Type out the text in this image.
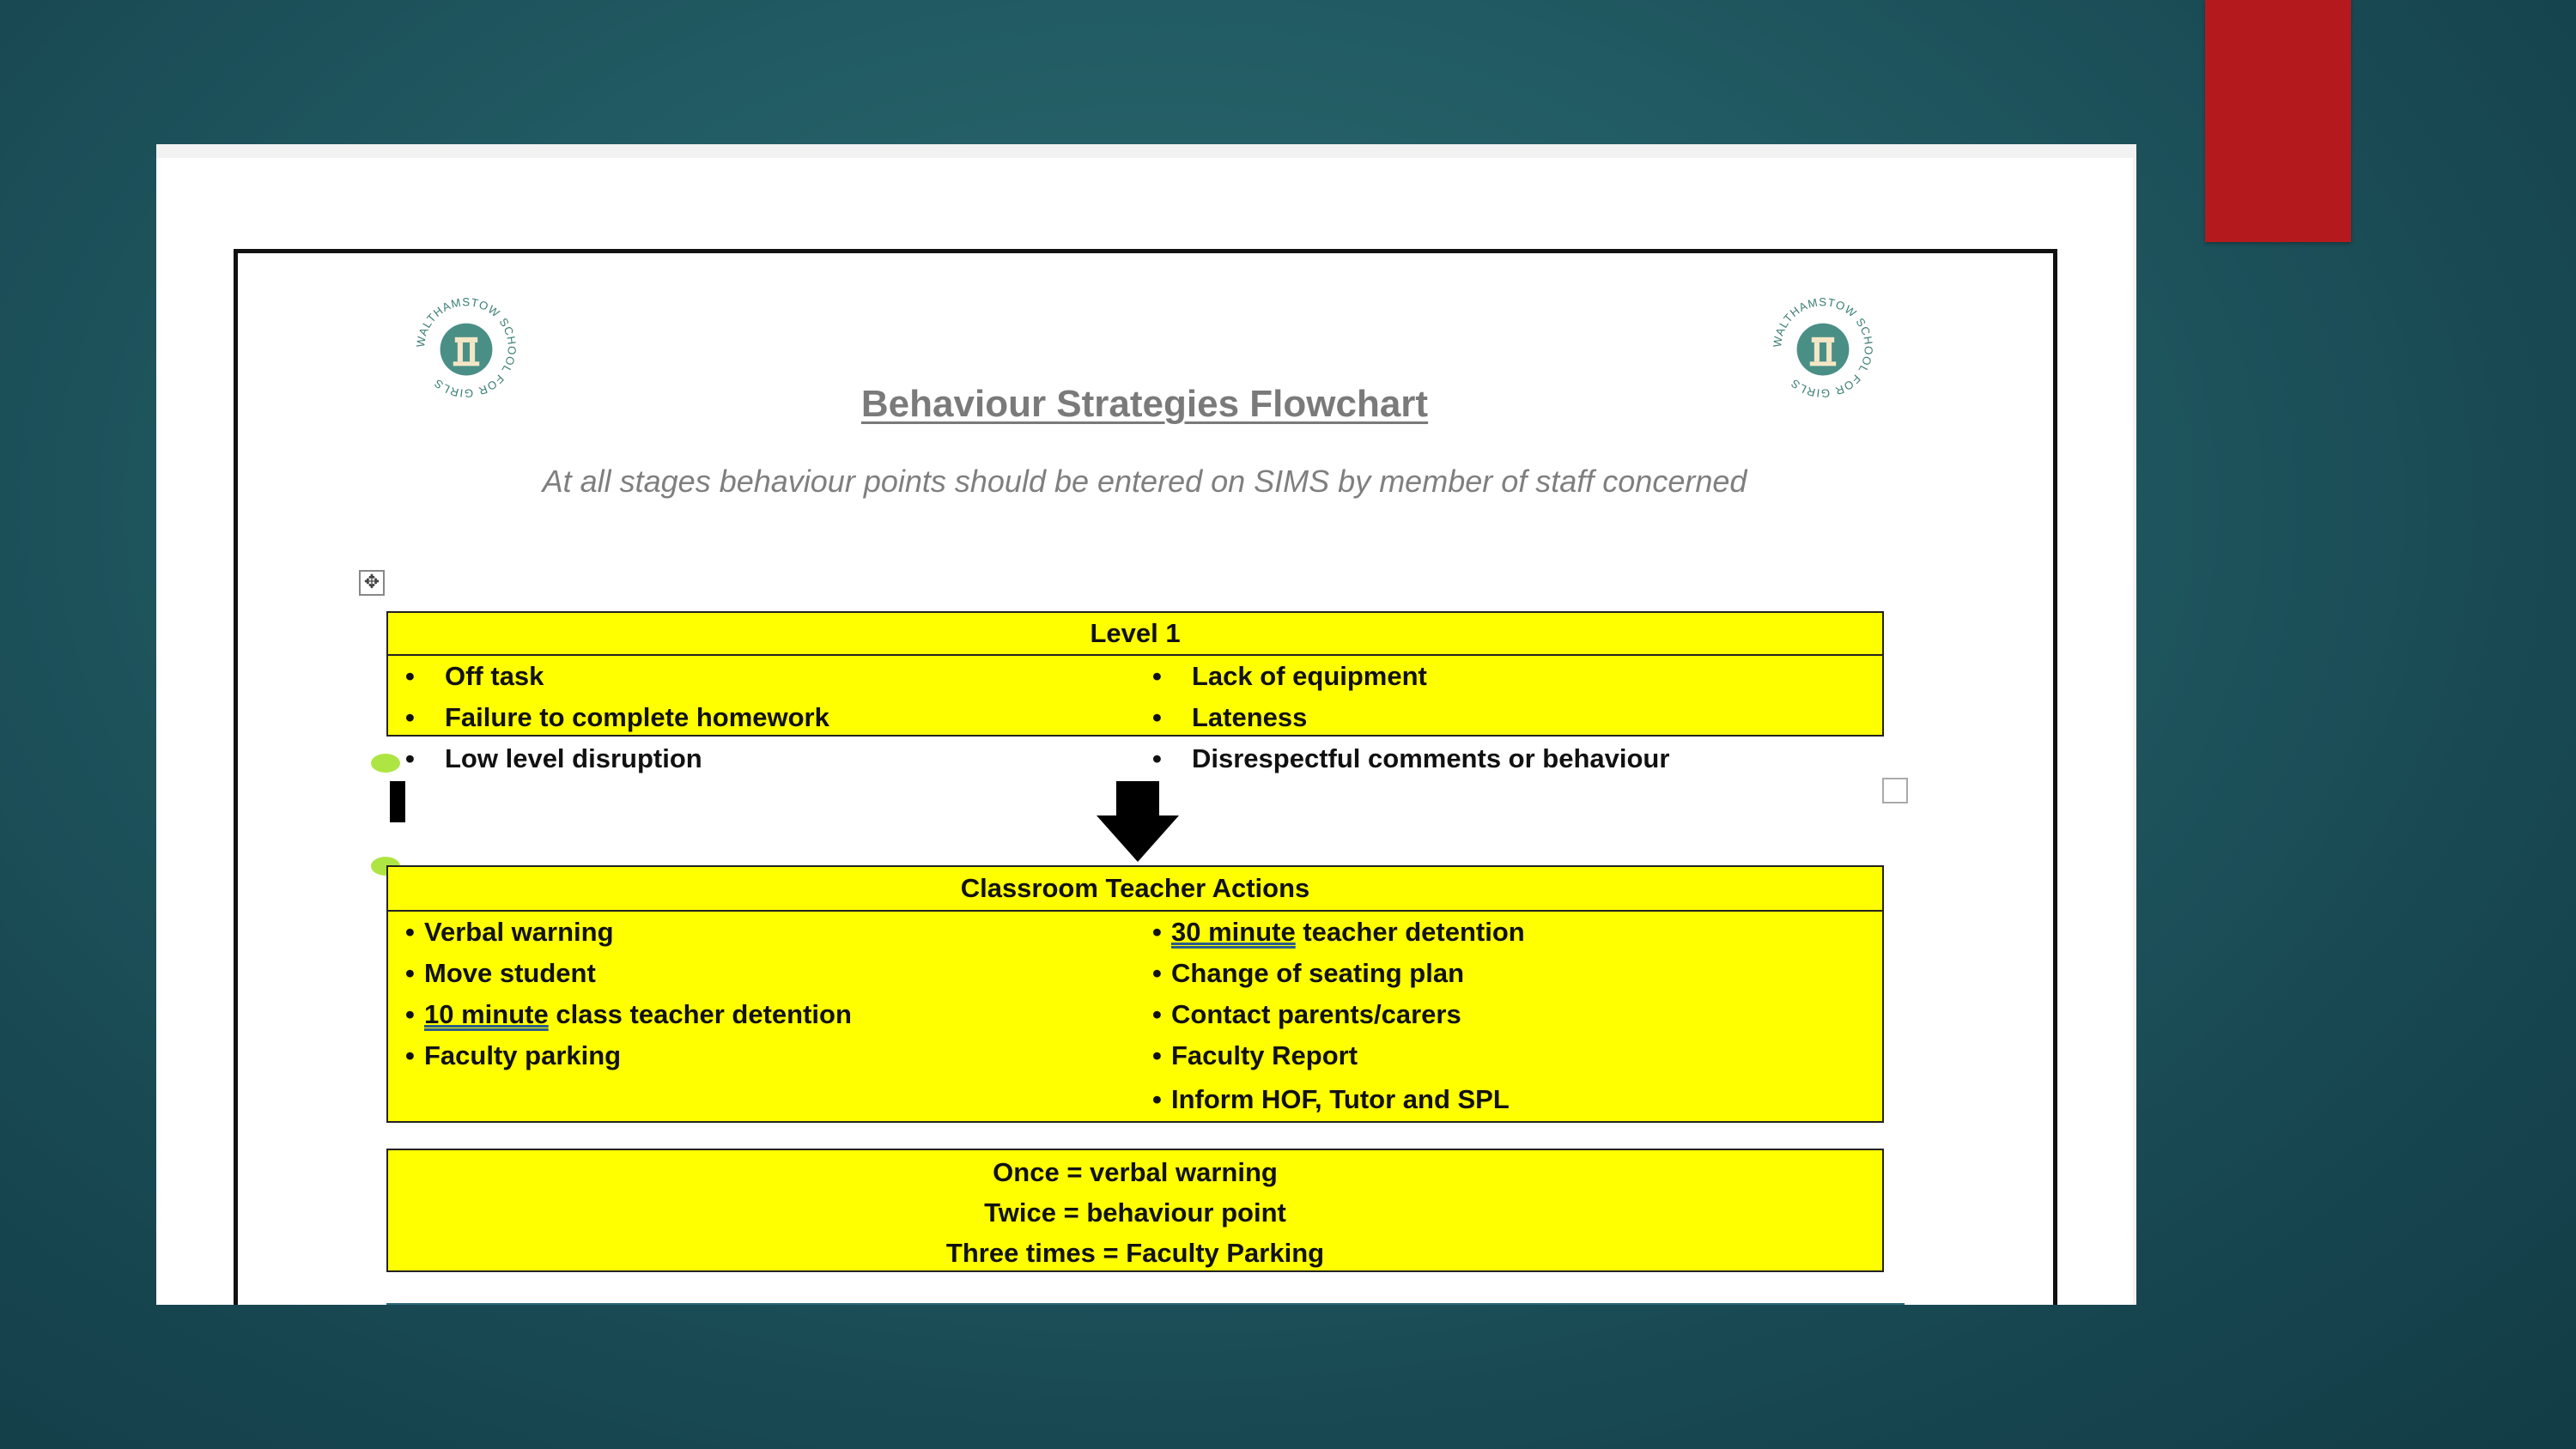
WALTHAMSTOW SCHOOL FOR GIRLS
WALTHAMSTOW SCHOOL FOR GIRLS
Behaviour Strategies Flowchart
At all stages behaviour points should be entered on SIMS by member of staff concerned
✥
Level 1
• Off task
• Failure to complete homework
• Low level disruption
• Lack of equipment
• Lateness
• Disrespectful comments or behaviour
Classroom Teacher Actions
• Verbal warning
• Move student
• 10 minute class teacher detention
• Faculty parking
• 30 minute teacher detention
• Change of seating plan
• Contact parents/carers
• Faculty Report
• Inform HOF, Tutor and SPL
Once = verbal warning
Twice = behaviour point
Three times = Faculty Parking
